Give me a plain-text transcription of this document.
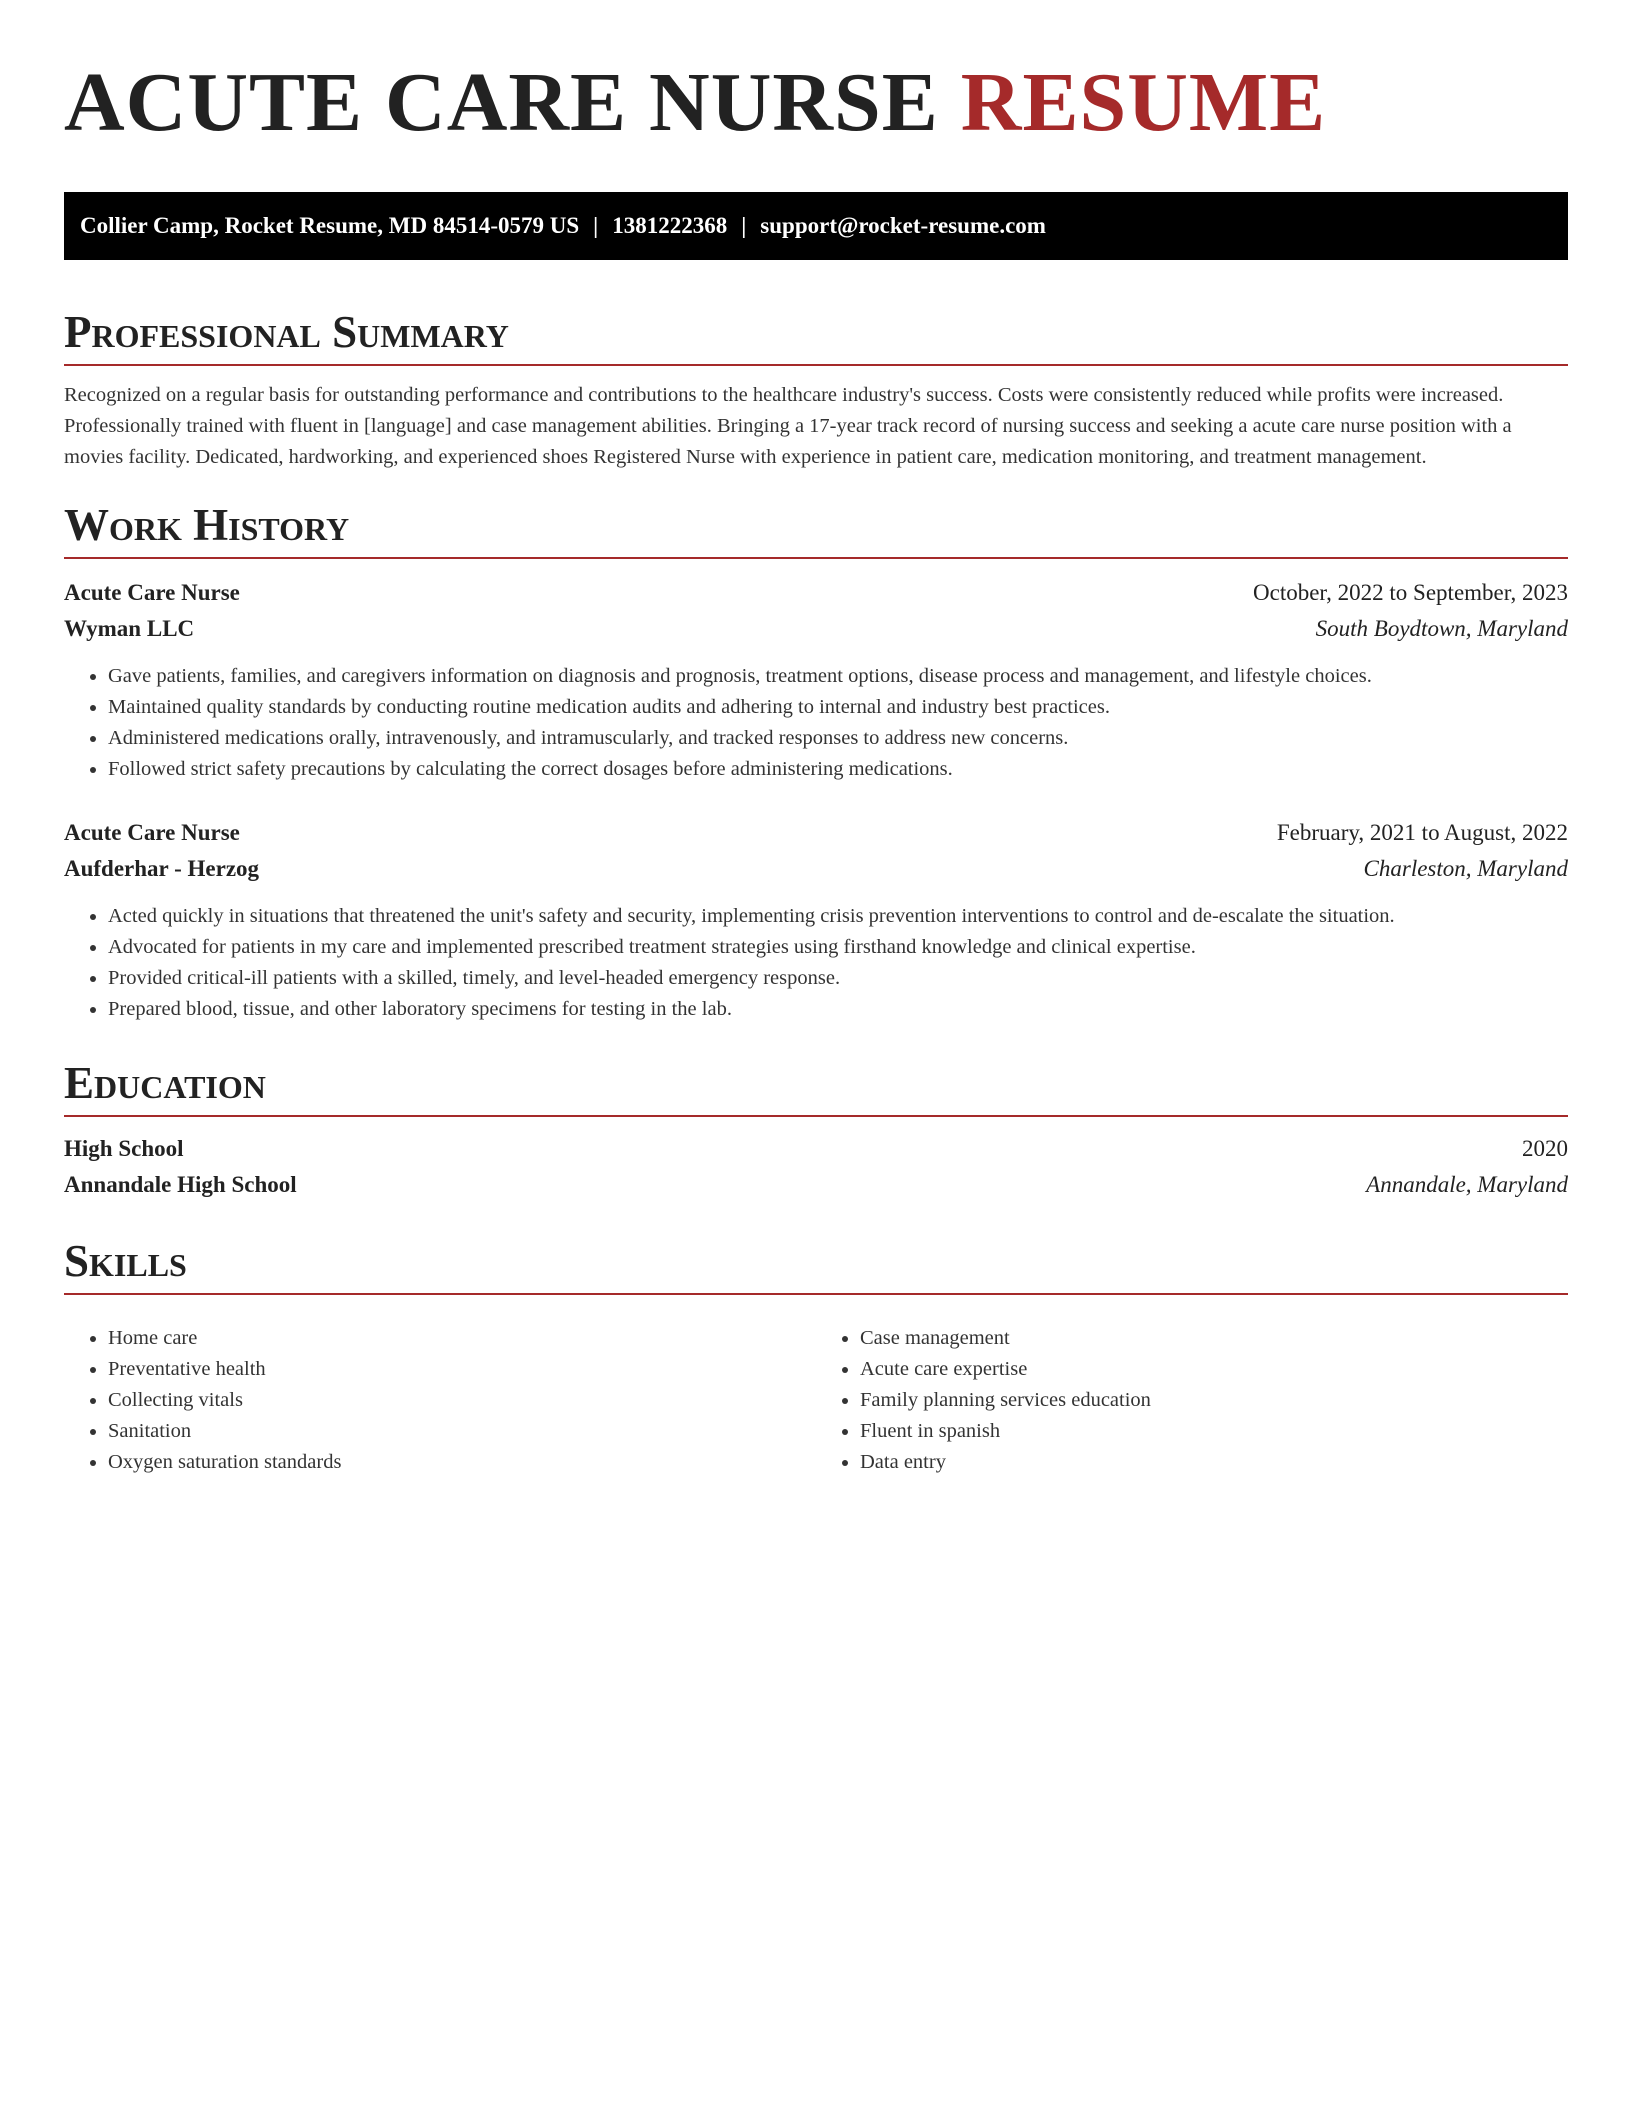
ACUTE CARE NURSE RESUME
Collier Camp, Rocket Resume, MD 84514-0579 US | 1381222368 | support@rocket-resume.com
Professional Summary

Recognized on a regular basis for outstanding performance and contributions to the healthcare industry's success. Costs were consistently reduced while profits were increased. Professionally trained with fluent in [language] and case management abilities. Bringing a 17-year track record of nursing success and seeking a acute care nurse position with a movies facility. Dedicated, hardworking, and experienced shoes Registered Nurse with experience in patient care, medication monitoring, and treatment management.

Work History
Acute Care Nurse	October, 2022 to September, 2023
Wyman LLC	South Boydtown, Maryland
• Gave patients, families, and caregivers information on diagnosis and prognosis, treatment options, disease process and management, and lifestyle choices.
• Maintained quality standards by conducting routine medication audits and adhering to internal and industry best practices.
• Administered medications orally, intravenously, and intramuscularly, and tracked responses to address new concerns.
• Followed strict safety precautions by calculating the correct dosages before administering medications.
Acute Care Nurse	February, 2021 to August, 2022
Aufderhar - Herzog	Charleston, Maryland
• Acted quickly in situations that threatened the unit's safety and security, implementing crisis prevention interventions to control and de-escalate the situation.
• Advocated for patients in my care and implemented prescribed treatment strategies using firsthand knowledge and clinical expertise.
• Provided critical-ill patients with a skilled, timely, and level-headed emergency response.
• Prepared blood, tissue, and other laboratory specimens for testing in the lab.
Education
High School	2020
Annandale High School	Annandale, Maryland
Skills
• Home care
• Preventative health
• Collecting vitals
• Sanitation
• Oxygen saturation standards
• Case management
• Acute care expertise
• Family planning services education
• Fluent in spanish
• Data entry
